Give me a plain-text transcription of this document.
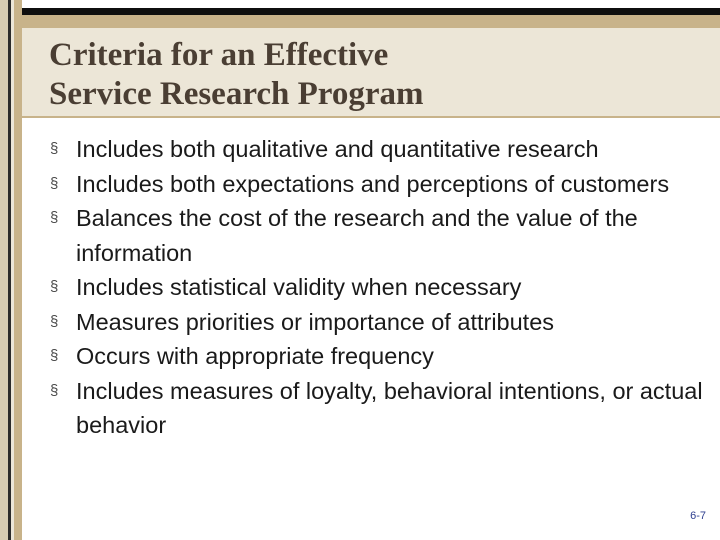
Criteria for an Effective
Service Research Program
§ Includes both qualitative and quantitative research
§ Includes both expectations and perceptions of customers
§ Balances the cost of the research and the value of the information
§ Includes statistical validity when necessary
§ Measures priorities or importance of attributes
§ Occurs with appropriate frequency
§ Includes measures of loyalty, behavioral intentions, or actual behavior
6-7
